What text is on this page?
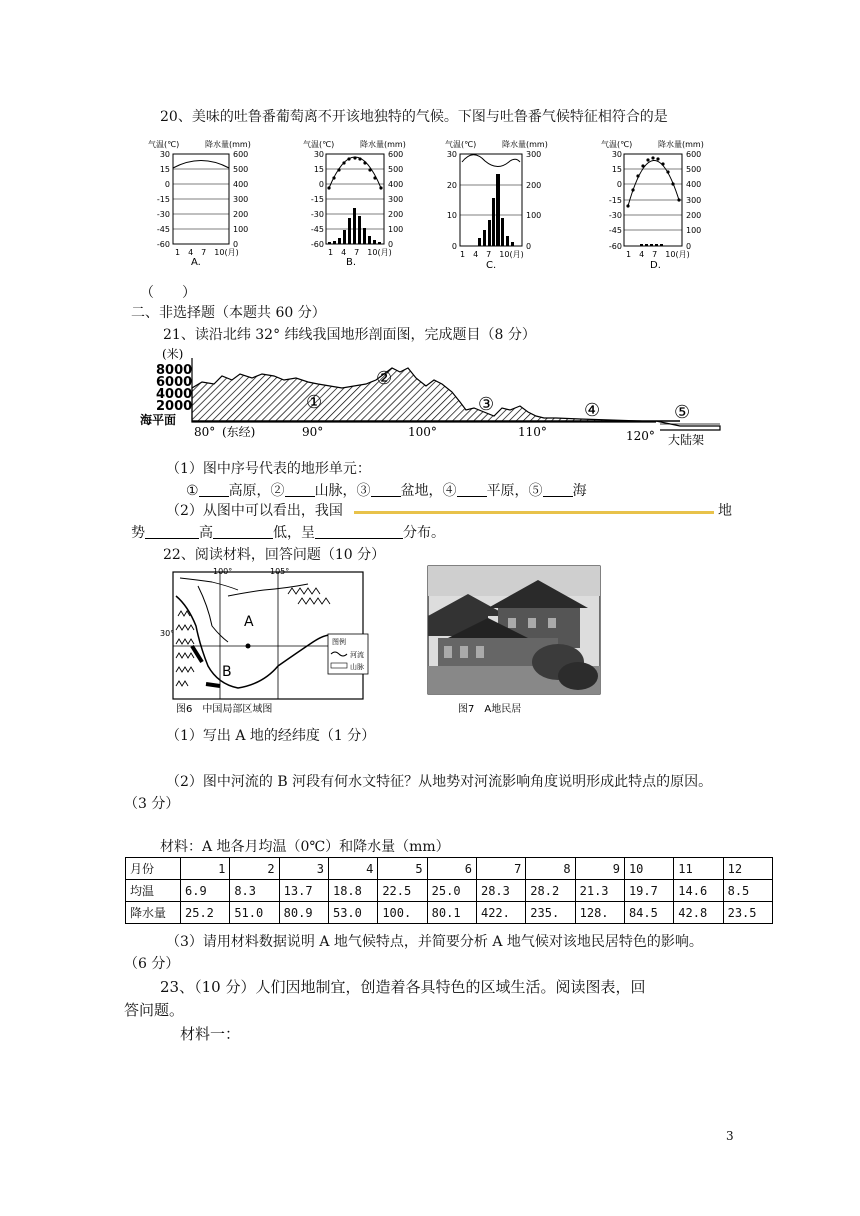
20、美味的吐鲁番葡萄离不开该地独特的气候。下图与吐鲁番气候特征相符合的是
气温(℃)	降水量(mm)
30
15
0
-15
-30
-45
-60
600
500
400
300
200
100
0
1　4　7　10(月)
A.
气温(℃)	降水量(mm)
30
15
0
-15
-30
-45
-60
600
500
400
300
200
100
0
1　4　7　10(月)
B.
气温(℃)	降水量(mm)
30
20
10
0
300
200
100
0
1　4　7　10(月)
C.
气温(℃)	降水量(mm)
30
15
0
-15
-30
-45
-60
600
500
400
300
200
100
0
1　4　7　10(月)
D.
（　　）
二、非选择题（本题共 60 分）
21、读沿北纬 32° 纬线我国地形剖面图，完成题目（8 分）
(米)
8000
6000
4000
2000
海平面
①
②
③	④	⑤
80° (东经)	90°	100°	110°	120° 大陆架
（1）图中序号代表的地形单元：
① 高原，② 山脉，③ 盆地，④ 平原，⑤ 海
（2）从图中可以看出，我国	地
势	高	低，呈	分布。
22、阅读材料，回答问题（10 分）
100°	105°
30°
A
B
图例
河流
山脉
图6　中国局部区域图	图7　A地民居
（1）写出 A 地的经纬度（1 分）
（2）图中河流的 B 河段有何水文特征？从地势对河流影响角度说明形成此特点的原因。
（3 分）
材料：A 地各月均温（0℃）和降水量（mm）
月份	1	2	3	4	5	6	7	8	9	10	11	12
均温	6.9	8.3	13.7	18.8	22.5	25.0	28.3	28.2	21.3	19.7	14.6	8.5
降水量	25.2	51.0	80.9	53.0	100.	80.1	422.	235.	128.	84.5	42.8	23.5
（3）请用材料数据说明 A 地气候特点，并简要分析 A 地气候对该地民居特色的影响。
（6 分）
23、（10 分）人们因地制宜，创造着各具特色的区域生活。阅读图表，回
答问题。
材料一：
3
